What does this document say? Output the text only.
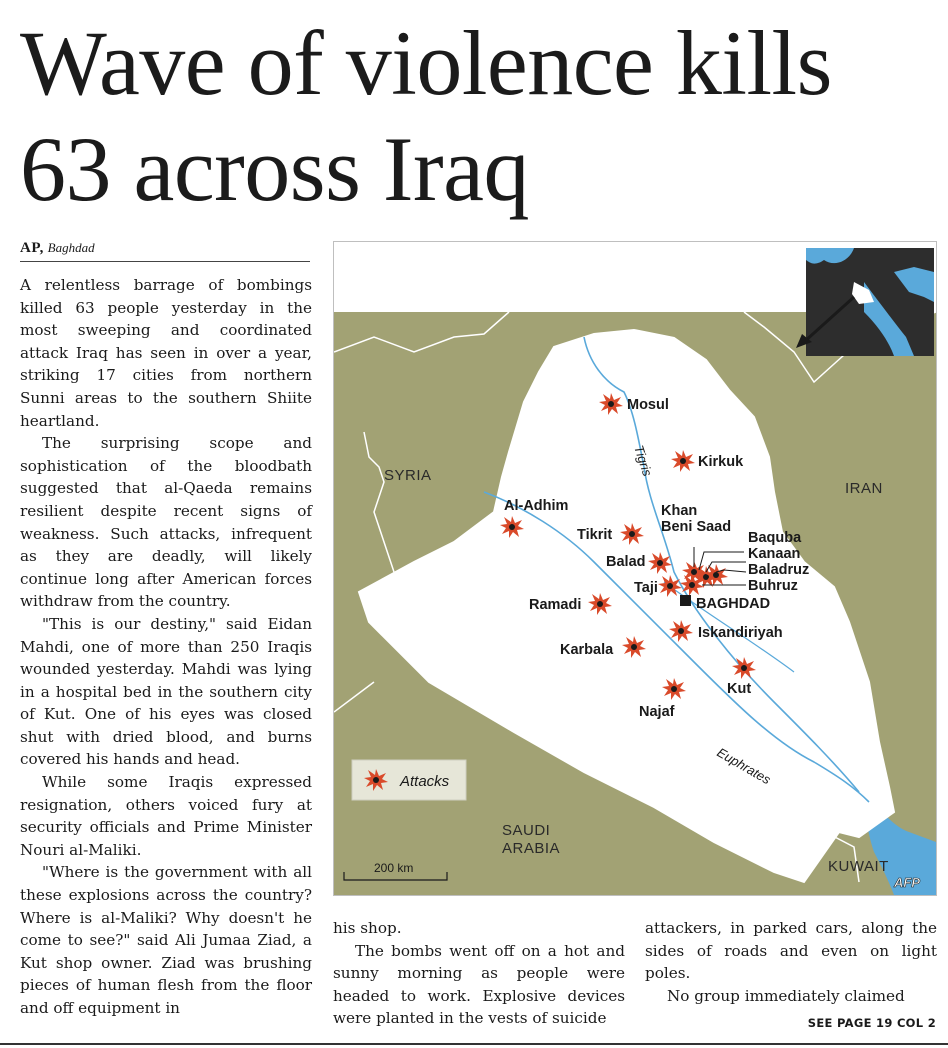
Wave of violence kills
63 across Iraq
AP, Baghdad

A relentless barrage of bombings killed 63 people yesterday in the most sweeping and coordinated attack Iraq has seen in over a year, striking 17 cities from northern Sunni areas to the southern Shiite heartland.

The surprising scope and sophistication of the bloodbath suggested that al-Qaeda remains resilient despite recent signs of weakness. Such attacks, infrequent as they are deadly, will likely continue long after American forces withdraw from the country.

"This is our destiny," said Eidan Mahdi, one of more than 250 Iraqis wounded yesterday. Mahdi was lying in a hospital bed in the southern city of Kut. One of his eyes was closed shut with dried blood, and burns covered his hands and head.

While some Iraqis expressed resignation, others voiced fury at security officials and Prime Minister Nouri al-Maliki.

"Where is the government with all these explosions across the country? Where is al-Maliki? Why doesn't he come to see?" said Ali Jumaa Ziad, a Kut shop owner. Ziad was brushing pieces of human flesh from the floor and off equipment in

his shop.

The bombs went off on a hot and sunny morning as people were headed to work. Explosive devices were planted in the vests of suicide

attackers, in parked cars, along the sides of roads and even on light poles.

No group immediately claimed

SEE PAGE 19 COL 2
Tigris
Euphrates
SYRIA
IRAN
SAUDI
ARABIA
KUWAIT
Mosul
Kirkuk
Al-Adhim
Tikrit
Khan
Beni Saad
Baquba
Kanaan
Baladruz
Buhruz
Balad
Taji
BAGHDAD
Ramadi
Iskandiriyah
Karbala
Kut
Najaf
Attacks
200 km
AFP
